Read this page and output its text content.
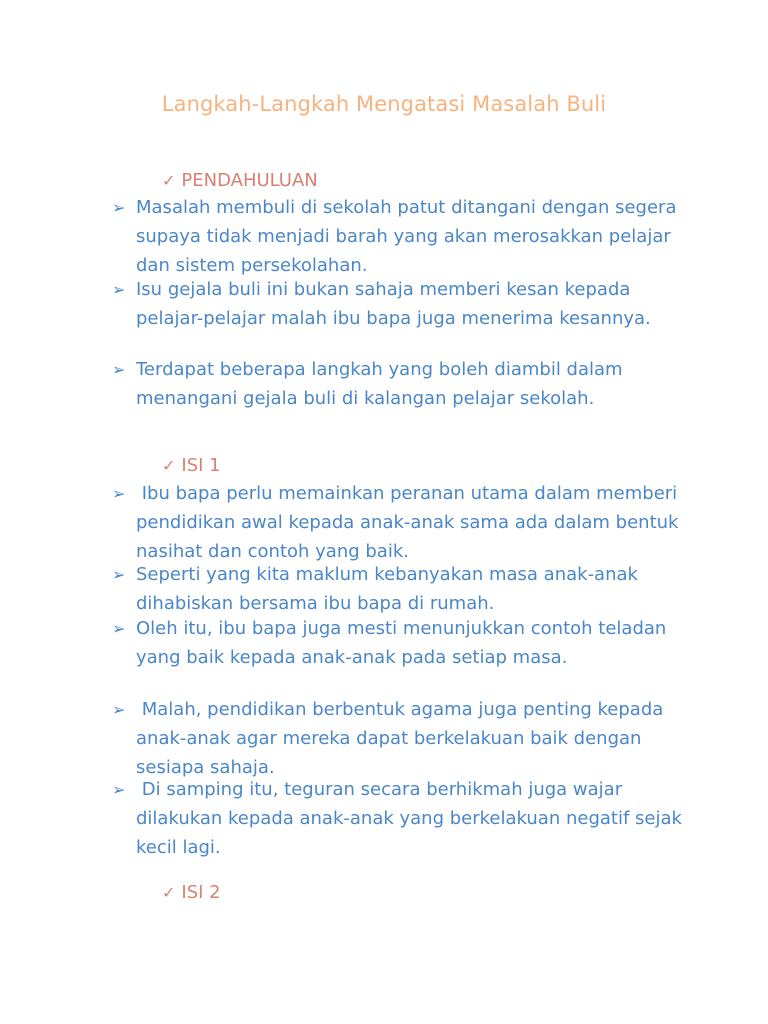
Langkah-Langkah Mengatasi Masalah Buli
✓ PENDAHULUAN
➢ Masalah membuli di sekolah patut ditangani dengan segera supaya tidak menjadi barah yang akan merosakkan pelajar dan sistem persekolahan.
➢ Isu gejala buli ini bukan sahaja memberi kesan kepada pelajar-pelajar malah ibu bapa juga menerima kesannya.
➢ Terdapat beberapa langkah yang boleh diambil dalam menangani gejala buli di kalangan pelajar sekolah.
✓ ISI 1
➢ Ibu bapa perlu memainkan peranan utama dalam memberi pendidikan awal kepada anak-anak sama ada dalam bentuk nasihat dan contoh yang baik.
➢ Seperti yang kita maklum kebanyakan masa anak-anak dihabiskan bersama ibu bapa di rumah.
➢ Oleh itu, ibu bapa juga mesti menunjukkan contoh teladan yang baik kepada anak-anak pada setiap masa.
➢ Malah, pendidikan berbentuk agama juga penting kepada anak-anak agar mereka dapat berkelakuan baik dengan sesiapa sahaja.
➢ Di samping itu, teguran secara berhikmah juga wajar dilakukan kepada anak-anak yang berkelakuan negatif sejak kecil lagi.
✓ ISI 2
